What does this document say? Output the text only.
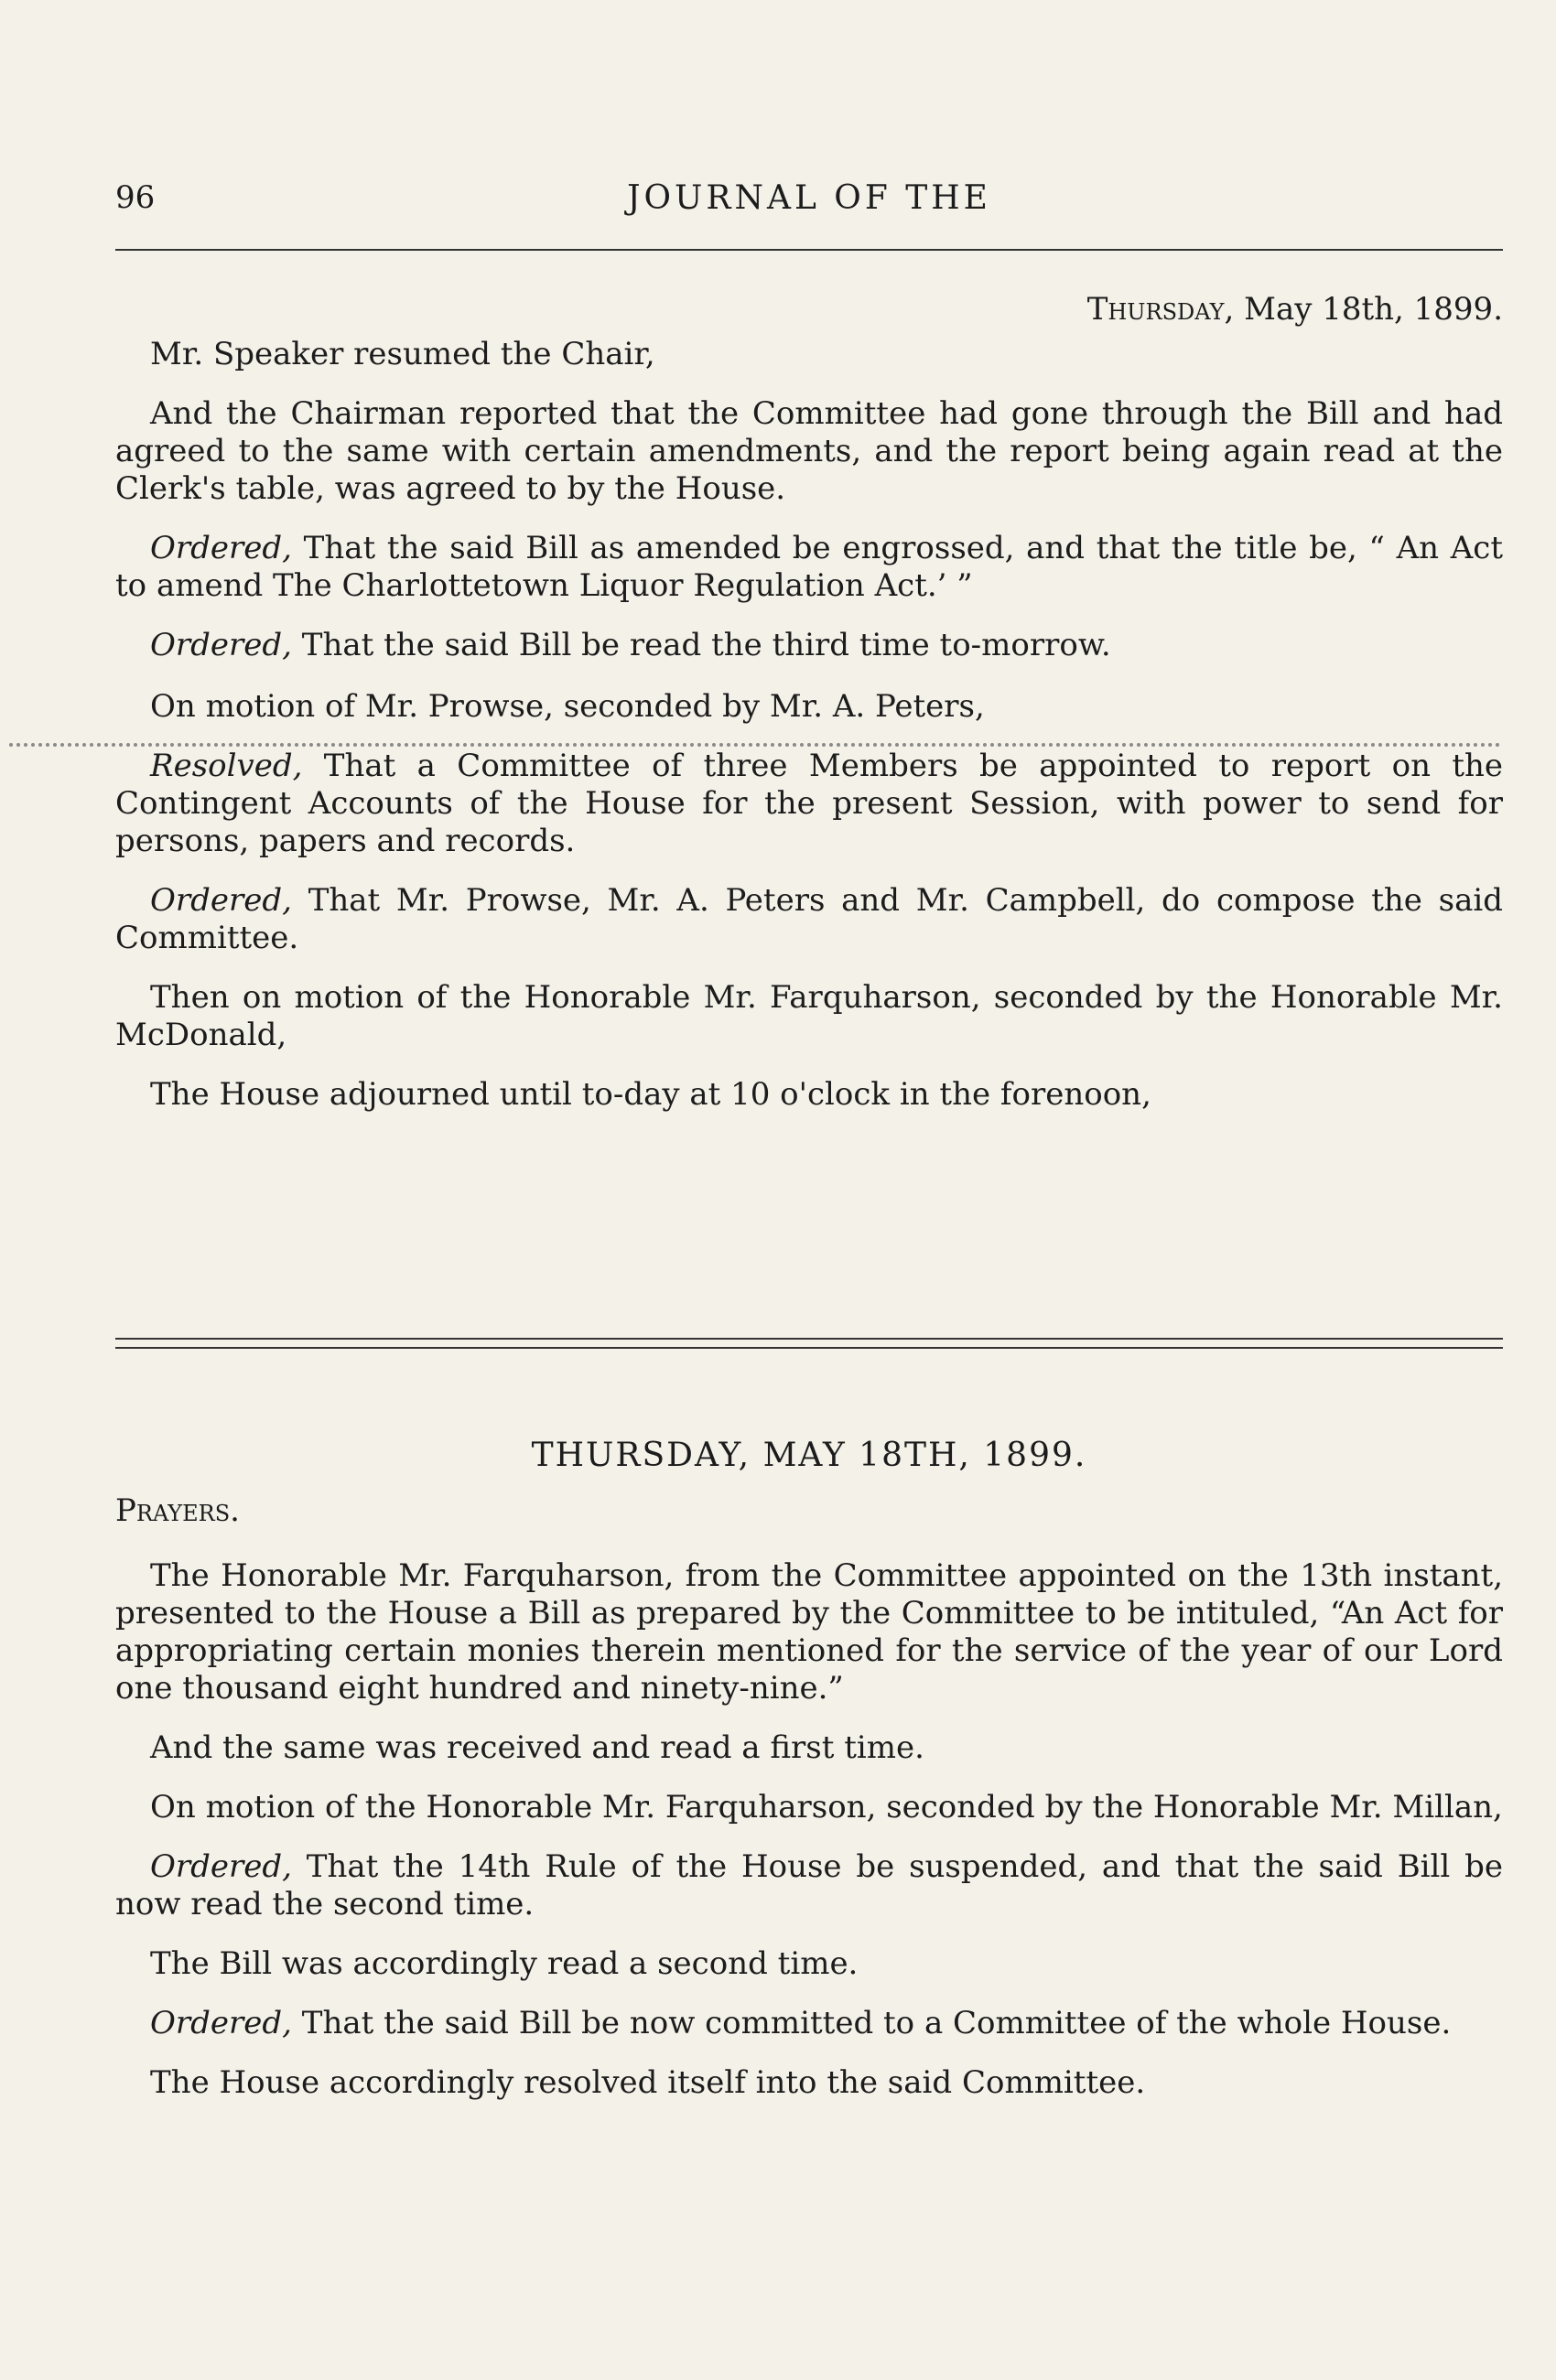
96	JOURNAL OF THE

Thursday, May 18th, 1899.

Mr. Speaker resumed the Chair,

And the Chairman reported that the Committee had gone through the Bill and had agreed to the same with certain amendments, and the report being again read at the Clerk's table, was agreed to by the House.

Ordered, That the said Bill as amended be engrossed, and that the title be, “ An Act to amend The Charlottetown Liquor Regulation Act.’ ”

Ordered, That the said Bill be read the third time to-morrow.

On motion of Mr. Prowse, seconded by Mr. A. Peters,

Resolved, That a Committee of three Members be appointed to report on the Contingent Accounts of the House for the present Session, with power to send for persons, papers and records.

Ordered, That Mr. Prowse, Mr. A. Peters and Mr. Campbell, do compose the said Committee.

Then on motion of the Honorable Mr. Farquharson, seconded by the Honorable Mr. McDonald,

The House adjourned until to-day at 10 o'clock in the forenoon,

THURSDAY, MAY 18TH, 1899.

Prayers.

The Honorable Mr. Farquharson, from the Committee appointed on the 13th instant, presented to the House a Bill as prepared by the Committee to be intituled, “An Act for appropriating certain monies therein mentioned for the service of the year of our Lord one thousand eight hundred and ninety-nine.”

And the same was received and read a first time.

On motion of the Honorable Mr. Farquharson, seconded by the Honorable Mr. Millan,

Ordered, That the 14th Rule of the House be suspended, and that the said Bill be now read the second time.

The Bill was accordingly read a second time.

Ordered, That the said Bill be now committed to a Committee of the whole House.

The House accordingly resolved itself into the said Committee.
